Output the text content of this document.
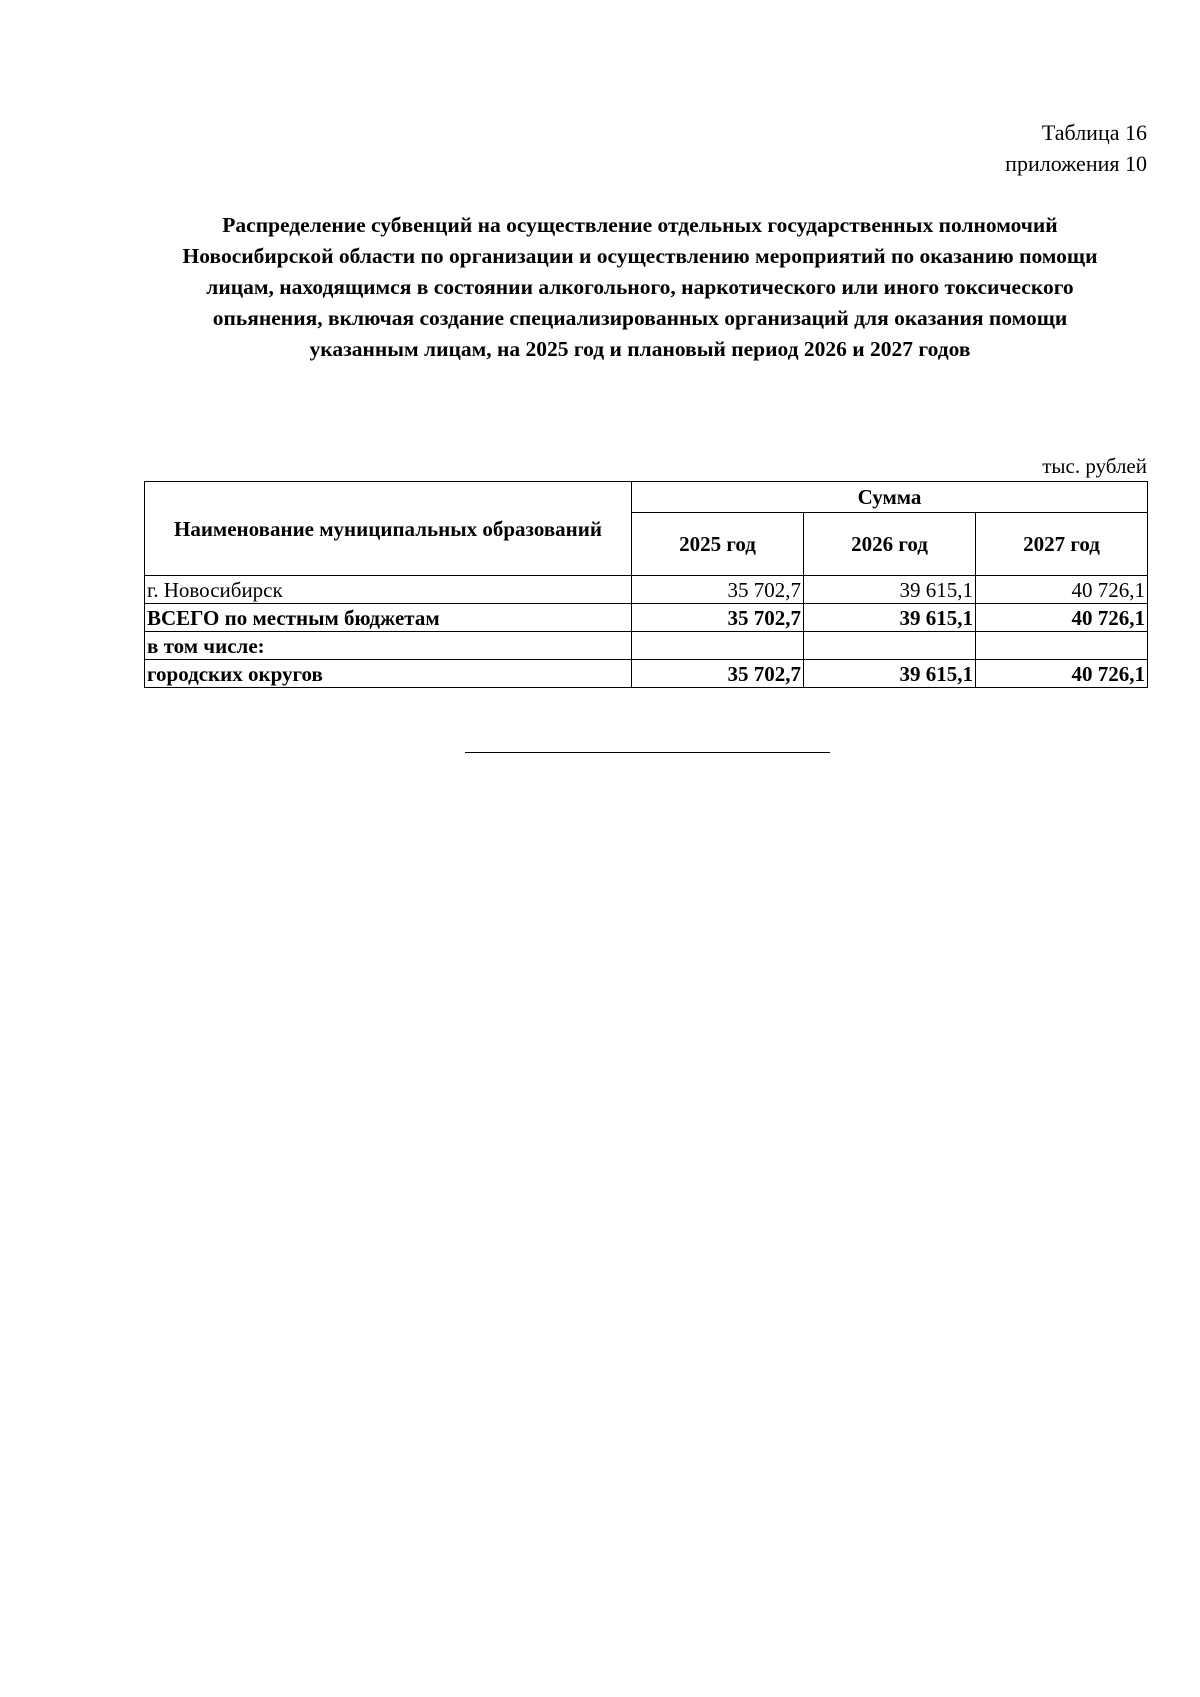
Таблица 16
приложения 10
Распределение субвенций на осуществление отдельных государственных полномочий
Новосибирской области по организации и осуществлению мероприятий по оказанию помощи
лицам, находящимся в состоянии алкогольного, наркотического или иного токсического
опьянения, включая создание специализированных организаций для оказания помощи
указанным лицам, на 2025 год и плановый период 2026 и 2027 годов
тыс. рублей
Наименование муниципальных образований	Сумма		
	2025 год	2026 год	2027 год
г. Новосибирск	35 702,7	39 615,1	40 726,1
ВСЕГО по местным бюджетам	35 702,7	39 615,1	40 726,1
в том числе:			
городских округов	35 702,7	39 615,1	40 726,1
